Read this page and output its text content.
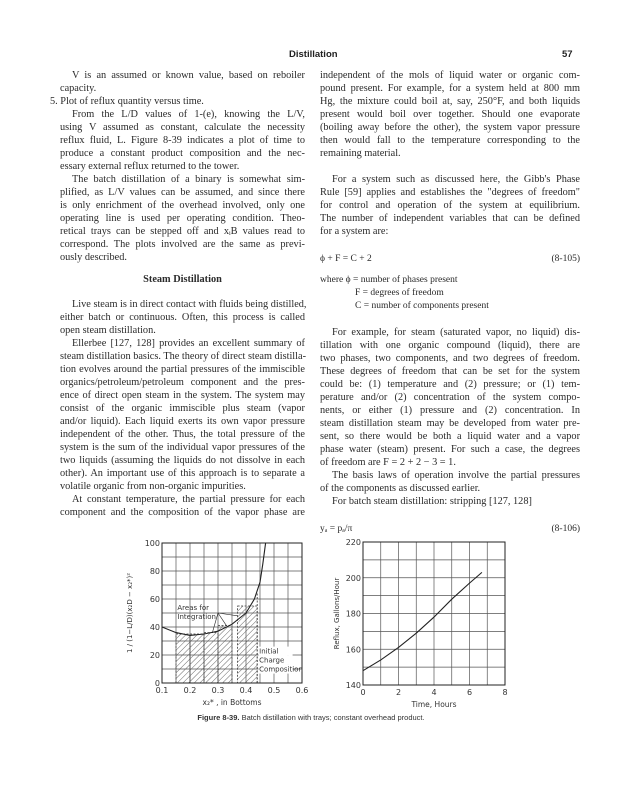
Distillation	57
V is an assumed or known value, based on reboiler
capacity.
5. Plot of reflux quantity versus time.
From the L/D values of 1-(e), knowing the L/V,
using V assumed as constant, calculate the necessity
reflux fluid, L. Figure 8-39 indicates a plot of time to
produce a constant product composition and the nec-
essary external reflux returned to the tower.
The batch distillation of a binary is somewhat sim-
plified, as L/V values can be assumed, and since there
is only enrichment of the overhead involved, only one
operating line is used per operating condition. Theo-
retical trays can be stepped off and xᵢB values read to
correspond. The plots involved are the same as previ-
ously described.
Steam Distillation
Live steam is in direct contact with fluids being distilled,
either batch or continuous. Often, this process is called
open steam distillation.
Ellerbee [127, 128] provides an excellent summary of
steam distillation basics. The theory of direct steam distilla-
tion evolves around the partial pressures of the immiscible
organics/petroleum/petroleum component and the pres-
ence of direct open steam in the system. The system may
consist of the organic immiscible plus steam (vapor
and/or liquid). Each liquid exerts its own vapor pressure
independent of the other. Thus, the total pressure of the
system is the sum of the individual vapor pressures of the
two liquids (assuming the liquids do not dissolve in each
other). An important use of this approach is to separate a
volatile organic from non-organic impurities.
At constant temperature, the partial pressure for each
component and the composition of the vapor phase are
independent of the mols of liquid water or organic com-
pound present. For example, for a system held at 800 mm
Hg, the mixture could boil at, say, 250°F, and both liquids
present would boil over together. Should one evaporate
(boiling away before the other), the system vapor pressure
then would fall to the temperature corresponding to the
remaining material.
For a system such as discussed here, the Gibb's Phase
Rule [59] applies and establishes the "degrees of freedom"
for control and operation of the system at equilibrium.
The number of independent variables that can be defined
for a system are:
ϕ + F = C + 2	(8-105)
where ϕ = number of phases present
F = degrees of freedom
C = number of components present
For example, for steam (saturated vapor, no liquid) dis-
tillation with one organic compound (liquid), there are
two phases, two components, and two degrees of freedom.
These degrees of freedom that can be set for the system
could be: (1) temperature and (2) pressure; or (1) tem-
perature and/or (2) concentration of the system compo-
nents, or either (1) pressure and (2) concentration. In
steam distillation steam may be developed from water pre-
sent, so there would be both a liquid water and a vapor
phase water (steam) present. For such a case, the degrees
of freedom are F = 2 + 2 − 3 = 1.
The basis laws of operation involve the partial pressures
of the components as discussed earlier.
For batch steam distillation: stripping [127, 128]
yₐ = pₐ/π	(8-106)
0.1 0.2 0.3 0.4 0.5 0.6
0
20
40
60
80
100
x₂* , in Bottoms
1 / (1−L/D)(x₂D − x₂*)²	Areas for
Integration
Initial
Charge
Composition
0	2	4	6	8
140
160
180
200
220
Time, Hours
Reflux, Gallons/Hour
Figure 8-39. Batch distillation with trays; constant overhead product.
